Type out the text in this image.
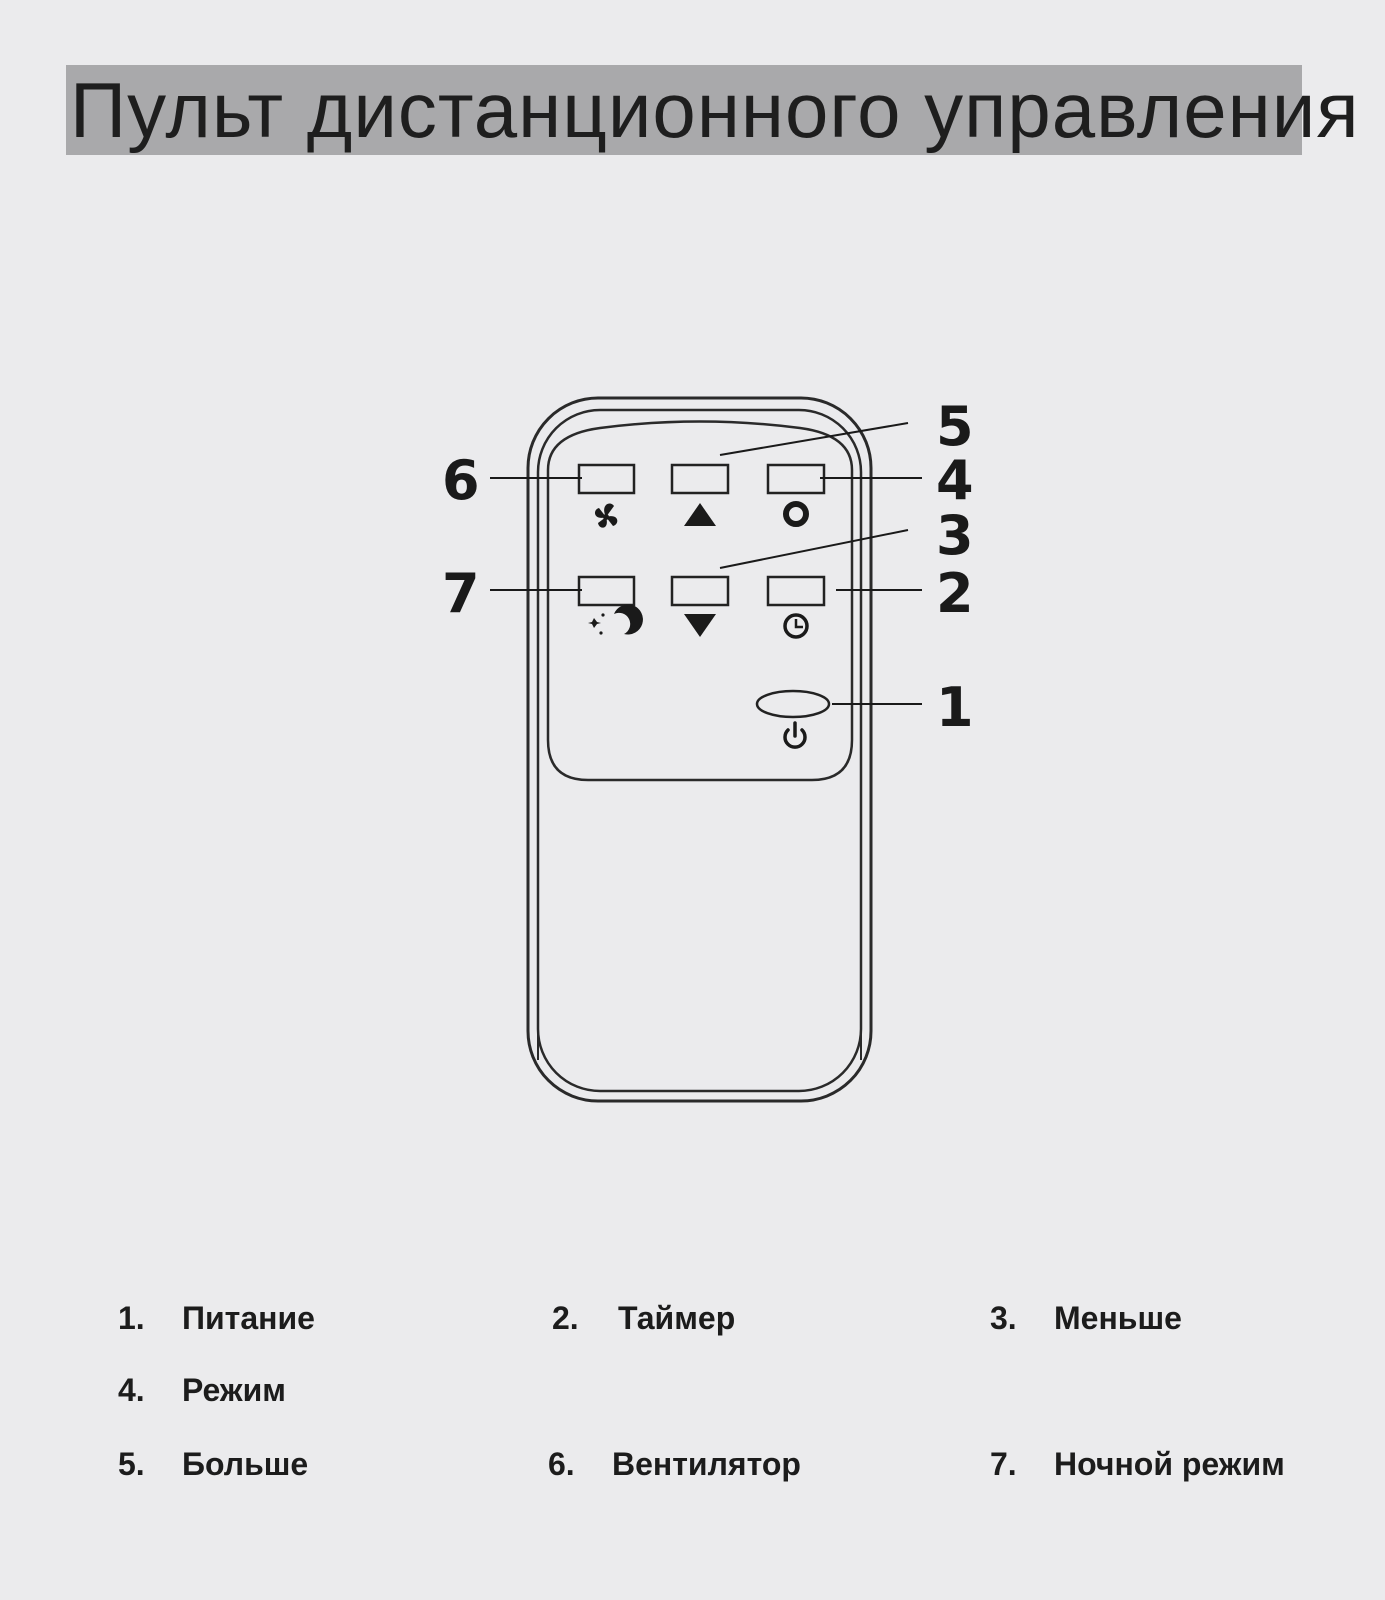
Пульт дистанционного управления
5
6	4
3
7	2
1
1. Питание	2. Таймер	3. Меньше
4. Режим
5. Больше	6. Вентилятор	7. Ночной режим
